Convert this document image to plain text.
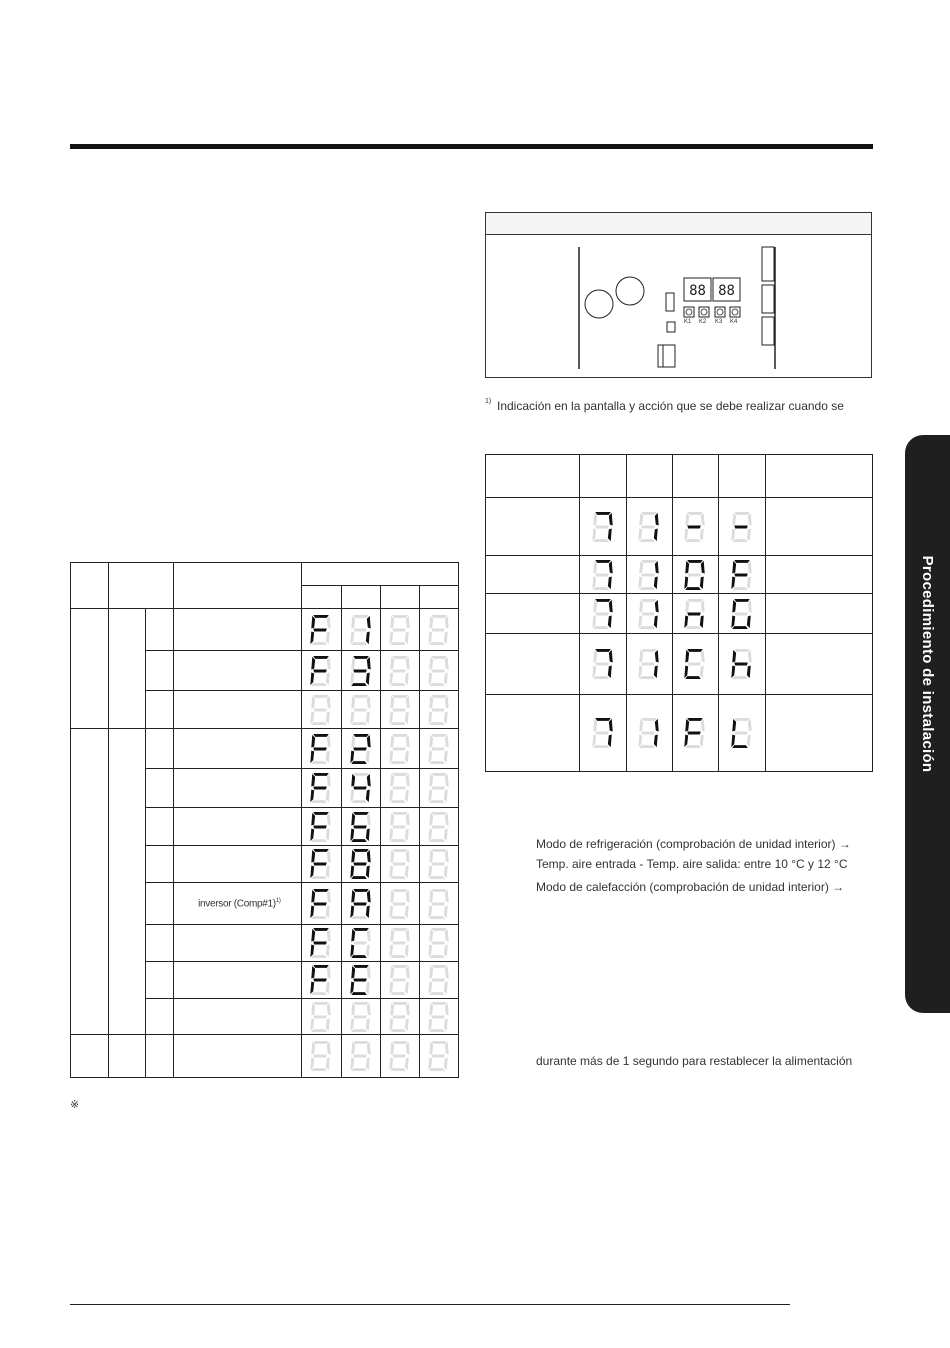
			inversor (Comp#1)$^{1)}$				

※
88 88
K1 K2 K3 K4
1) Indicación en la pantalla y acción que se debe realizar cuando se

Modo de refrigeración (comprobación de unidad interior) →
Temp. aire entrada - Temp. aire salida: entre 10 °C y 12 °C
Modo de calefacción (comprobación de unidad interior) →
durante más de 1 segundo para restablecer la alimentación
Procedimiento de instalación
